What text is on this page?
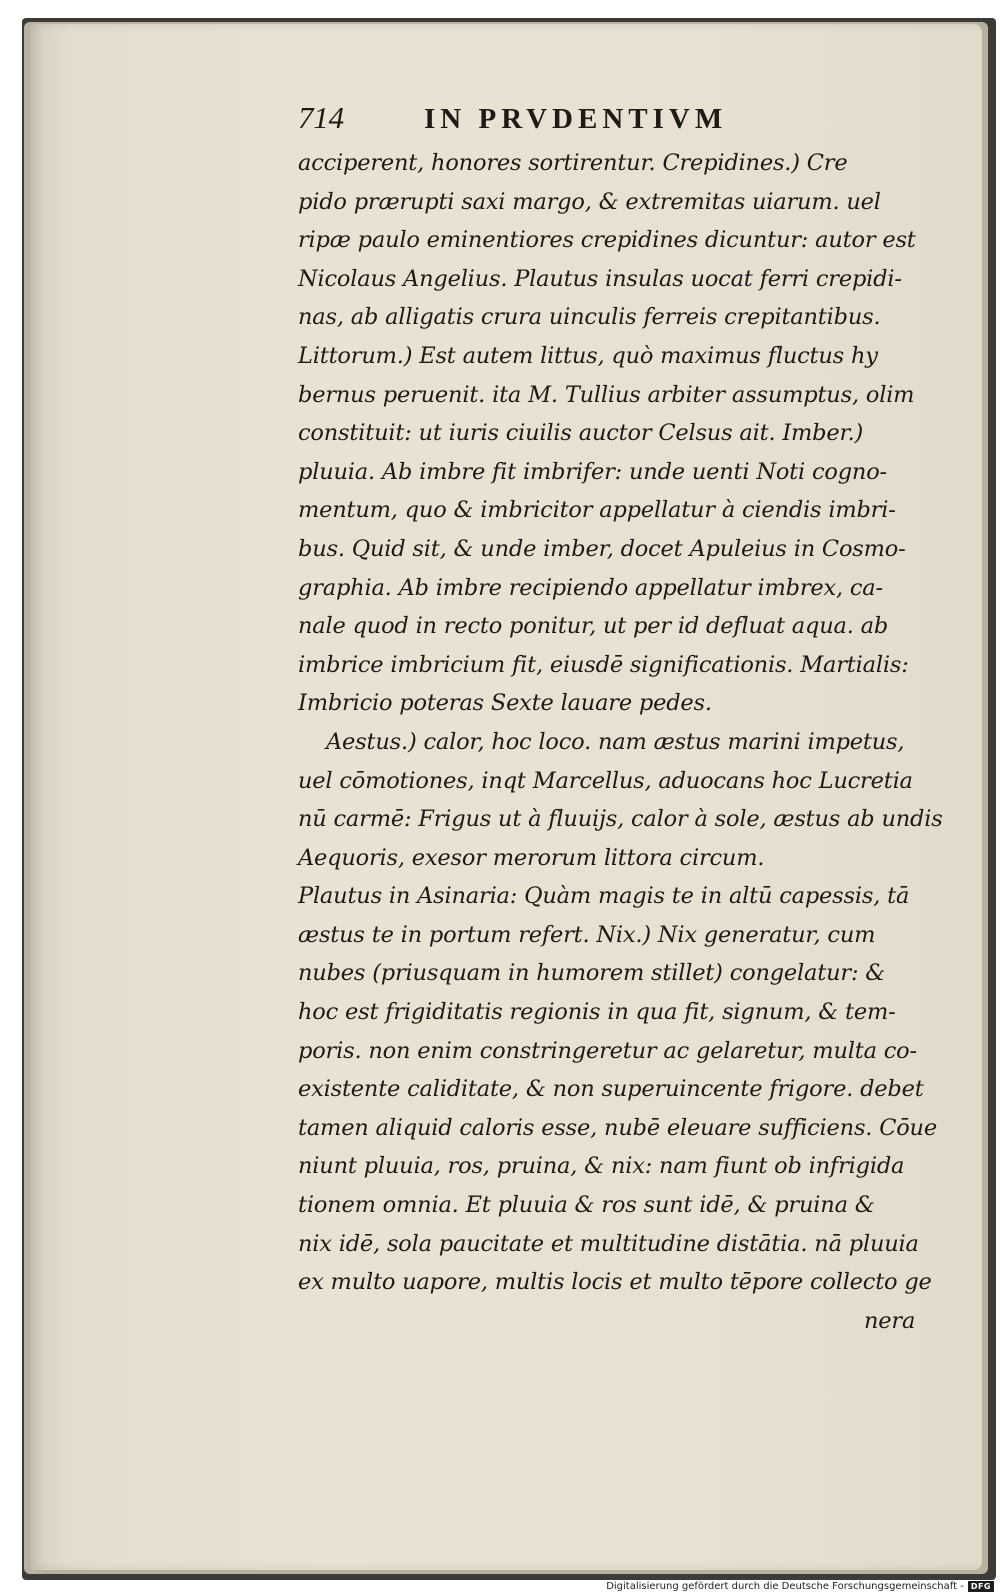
714	IN PRVDENTIVM
acciperent, honores sortirentur. Crepidines.) Cre
pido prærupti saxi margo, & extremitas uiarum. uel
ripæ paulo eminentiores crepidines dicuntur: autor est
Nicolaus Angelius. Plautus insulas uocat ferri crepidi-
nas, ab alligatis crura uinculis ferreis crepitantibus.
Littorum.) Est autem littus, quò maximus fluctus hy
bernus peruenit. ita M. Tullius arbiter assumptus, olim
constituit: ut iuris ciuilis auctor Celsus ait. Imber.)
pluuia. Ab imbre fit imbrifer: unde uenti Noti cogno-
mentum, quo & imbricitor appellatur à ciendis imbri-
bus. Quid sit, & unde imber, docet Apuleius in Cosmo-
graphia. Ab imbre recipiendo appellatur imbrex, ca-
nale quod in recto ponitur, ut per id defluat aqua. ab
imbrice imbricium fit, eiusdē significationis. Martialis:
Imbricio poteras Sexte lauare pedes.
Aestus.) calor, hoc loco. nam æstus marini impetus,
uel cōmotiones, inqt Marcellus, aduocans hoc Lucretia
nū carmē: Frigus ut à fluuijs, calor à sole, æstus ab undis
Aequoris, exesor merorum littora circum.
Plautus in Asinaria: Quàm magis te in altū capessis, tā
æstus te in portum refert. Nix.) Nix generatur, cum
nubes (priusquam in humorem stillet) congelatur: &
hoc est frigiditatis regionis in qua fit, signum, & tem-
poris. non enim constringeretur ac gelaretur, multa co-
existente caliditate, & non superuincente frigore. debet
tamen aliquid caloris esse, nubē eleuare sufficiens. Cōue
niunt pluuia, ros, pruina, & nix: nam fiunt ob infrigida
tionem omnia. Et pluuia & ros sunt idē, & pruina &
nix idē, sola paucitate et multitudine distātia. nā pluuia
ex multo uapore, multis locis et multo tēpore collecto ge
nera
Digitalisierung gefördert durch die Deutsche Forschungsgemeinschaft - DFG
